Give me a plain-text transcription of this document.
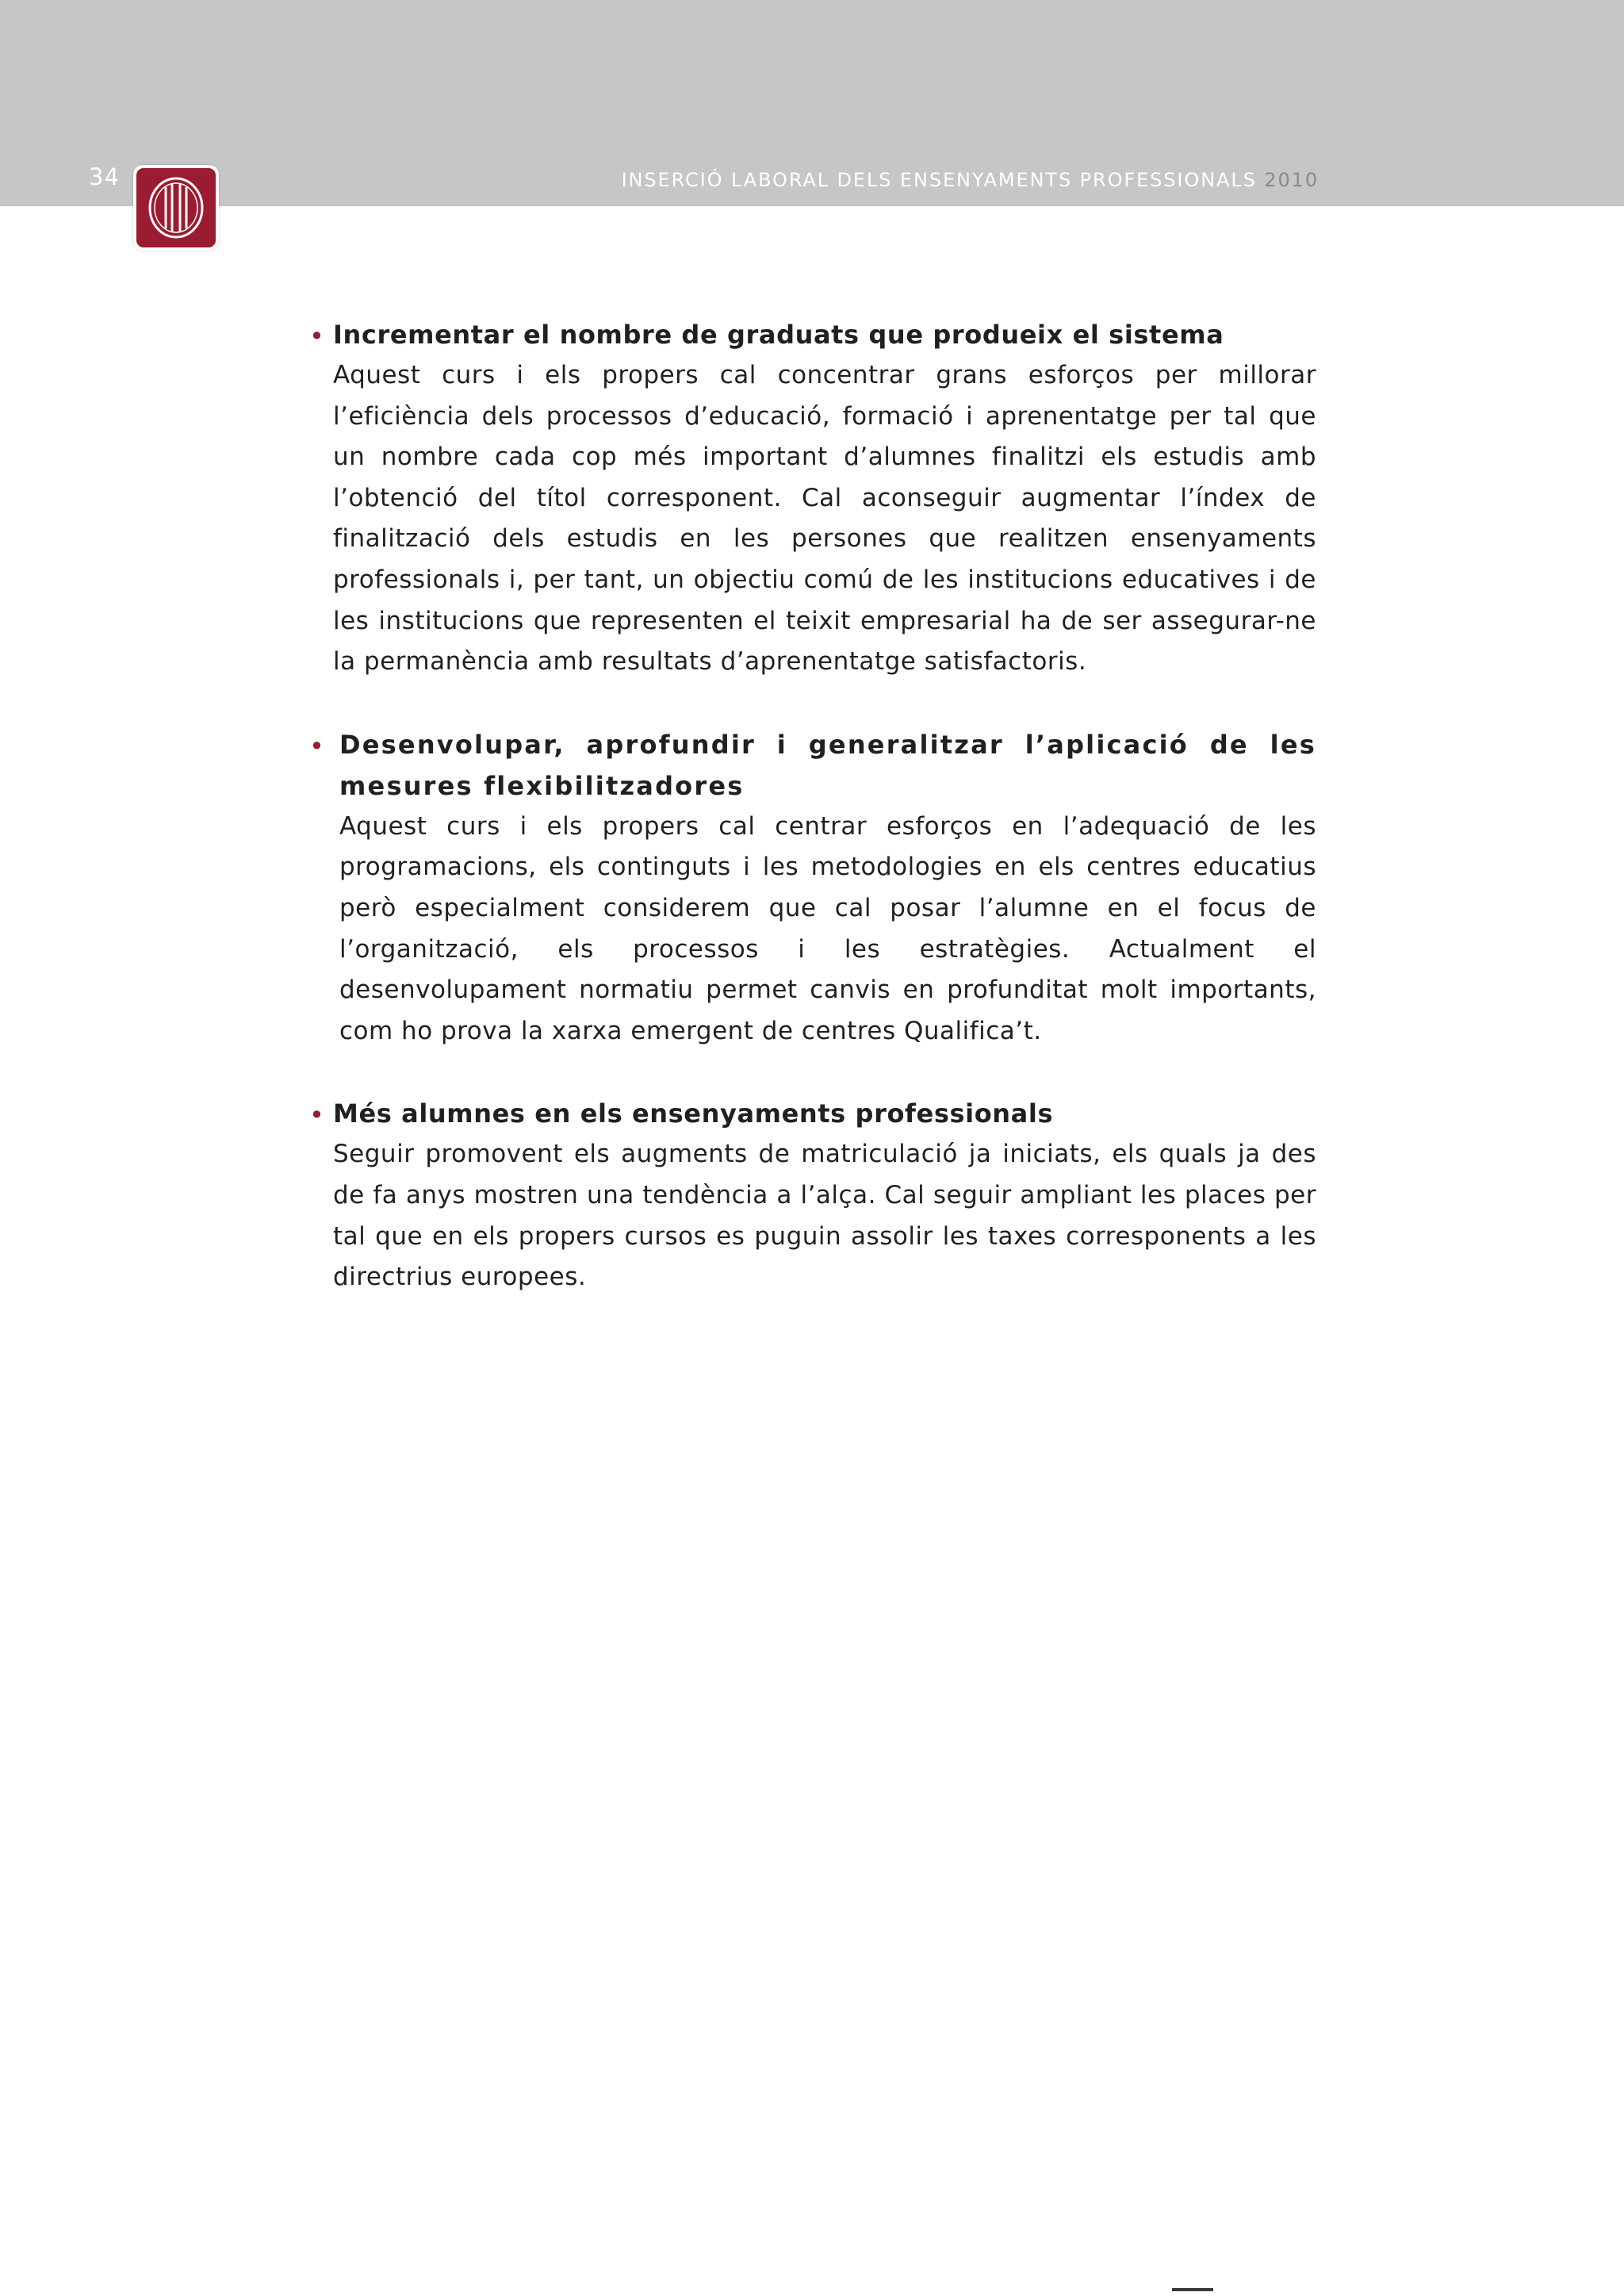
34	INSERCIÓ LABORAL DELS ENSENYAMENTS PROFESSIONALS 2010
• Incrementar el nombre de graduats que produeix el sistema
Aquest curs i els propers cal concentrar grans esforços per millorar l’eficiència dels processos d’educació, formació i aprenentatge per tal que un nombre cada cop més important d’alumnes finalitzi els estudis amb l’obtenció del títol corresponent. Cal aconseguir augmentar l’índex de finalització dels estudis en les persones que realitzen ensenyaments professionals i, per tant, un objectiu comú de les institucions educatives i de les institucions que representen el teixit empresarial ha de ser assegurar-ne la permanència amb resultats d’aprenentatge satisfactoris.
• Desenvolupar, aprofundir i generalitzar l’aplicació de les mesures flexibilitzadores
Aquest curs i els propers cal centrar esforços en l’adequació de les programacions, els continguts i les metodologies en els centres educatius però especialment considerem que cal posar l’alumne en el focus de l’organització, els processos i les estratègies. Actualment el desenvolupament normatiu permet canvis en profunditat molt importants, com ho prova la xarxa emergent de centres Qualifica’t.
• Més alumnes en els ensenyaments professionals
Seguir promovent els augments de matriculació ja iniciats, els quals ja des de fa anys mostren una tendència a l’alça. Cal seguir ampliant les places per tal que en els propers cursos es puguin assolir les taxes corresponents a les directrius europees.
